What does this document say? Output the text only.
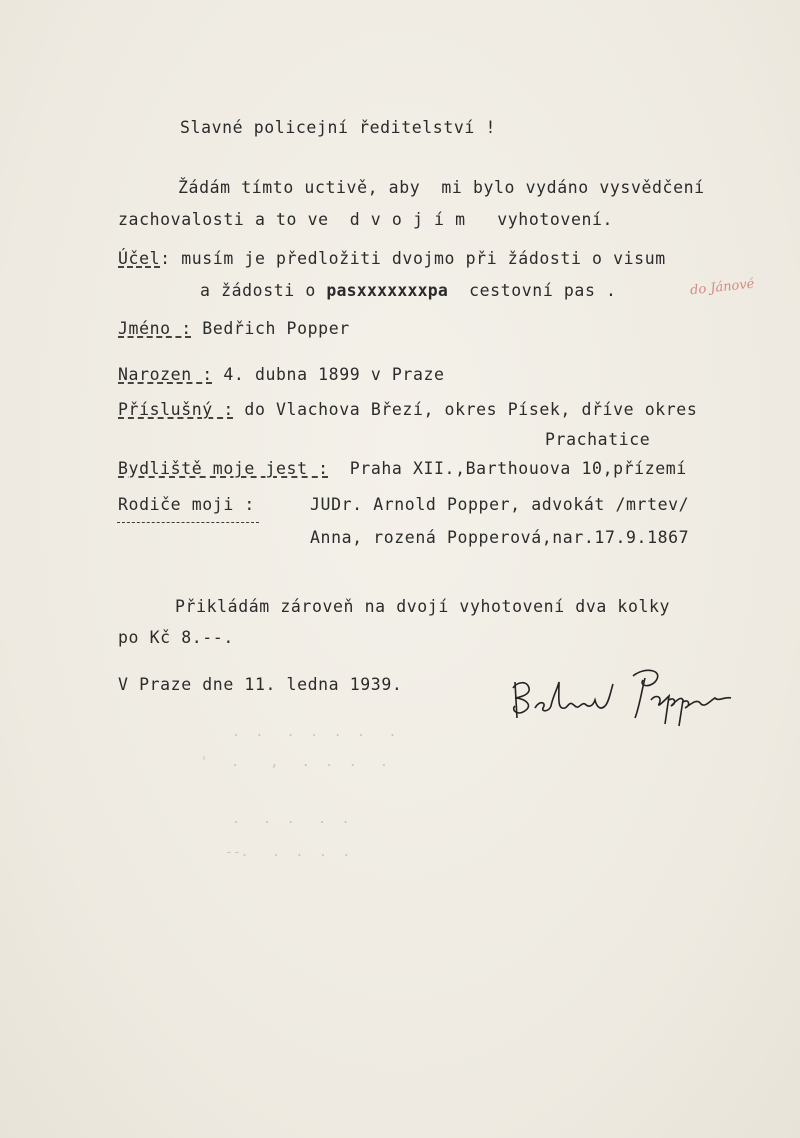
Slavné policejní ředitelství !
Žádám tímto uctivě, aby  mi bylo vydáno vysvědčení
zachovalosti a to ve  d v o j í m   vyhotovení.
Účel: musím je předložiti dvojmo při žádosti o visum
a žádosti o pasxxxxxxxpa  cestovní pas .	do Jánové
Jméno : Bedřich Popper
Narozen : 4. dubna 1899 v Praze
Příslušný : do Vlachova Březí, okres Písek, dříve okres
Prachatice
Bydliště moje jest :  Praha XII.,Barthouova 10,přízemí
Rodiče moji :	JUDr. Arnold Popper, advokát /mrtev/
Anna, rozená Popperová,nar.17.9.1867
Přikládám zároveň na dvojí vyhotovení dva kolky
po Kč 8.--.
V Praze dne 11. ledna 1939.
.  .   .  .  .  .   .
'   .    ,   .  .  .   .
.   .  .   .  .
--.   .  .  .  .
